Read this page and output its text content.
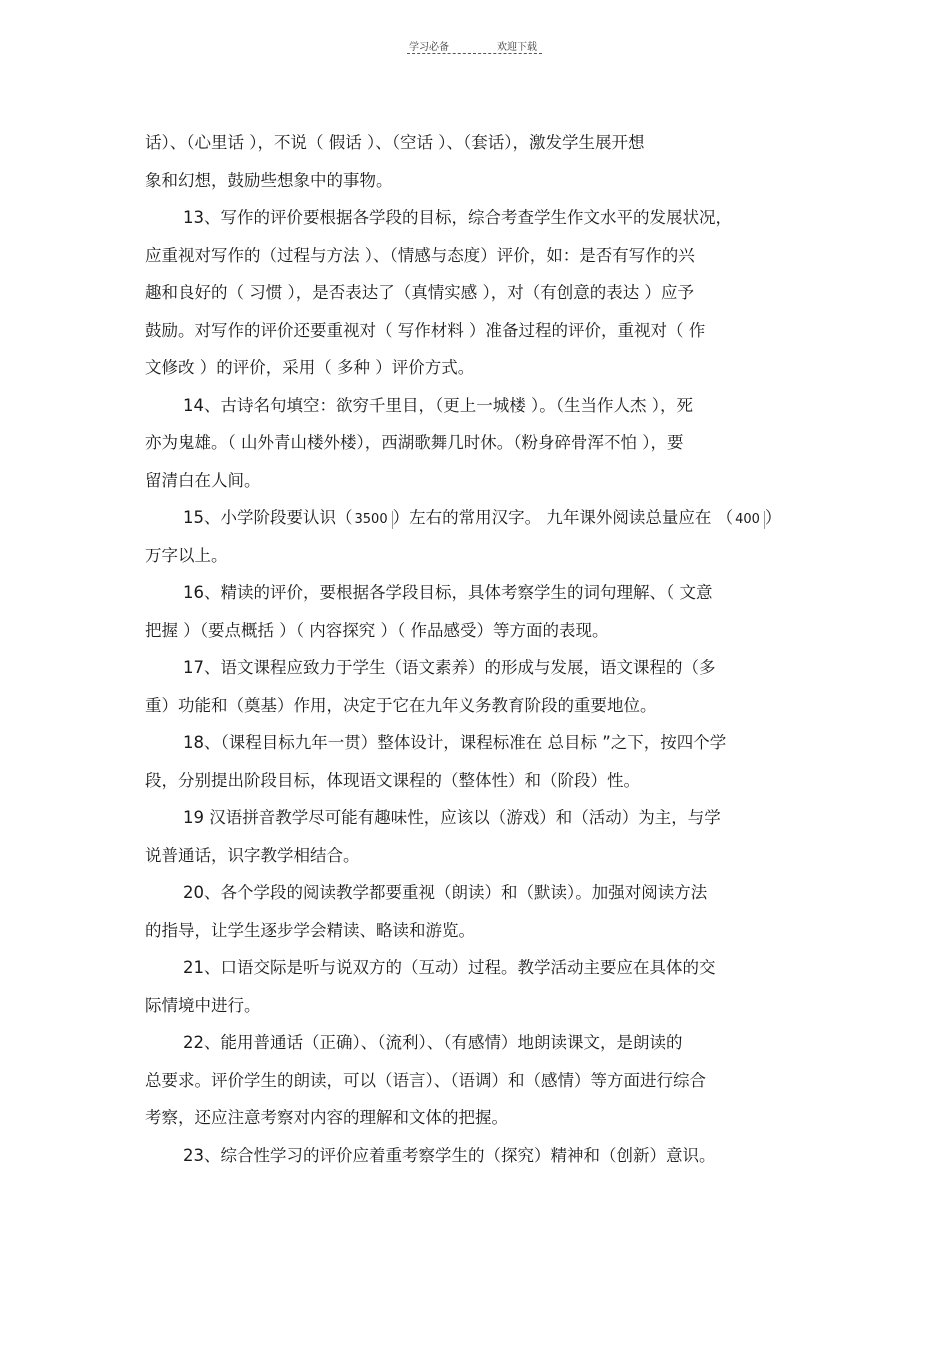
学习必备	欢迎下载
话）、（心里话 ），不说（ 假话 ）、（空话 ）、（套话），激发学生展开想
象和幻想，鼓励些想象中的事物。
13、写作的评价要根据各学段的目标，综合考查学生作文水平的发展状况，
应重视对写作的（过程与方法 ）、（情感与态度）评价，如：是否有写作的兴
趣和良好的（ 习惯 ），是否表达了（真情实感 ），对（有创意的表达 ）应予
鼓励。对写作的评价还要重视对（ 写作材料 ）准备过程的评价，重视对（ 作
文修改 ）的评价，采用（ 多种 ）评价方式。
14、古诗名句填空：欲穷千里目，（更上一城楼 ）。（生当作人杰 ），死
亦为鬼雄。（ 山外青山楼外楼），西湖歌舞几时休。（粉身碎骨浑不怕 ），要
留清白在人间。
15、小学阶段要认识（ 3500 ）左右的常用汉字。 九年课外阅读总量应在 （ 400 ）
万字以上。
16、精读的评价，要根据各学段目标，具体考察学生的词句理解、（ 文意
把握 ）（要点概括 ）（ 内容探究 ）（ 作品感受）等方面的表现。
17、语文课程应致力于学生（语文素养）的形成与发展，语文课程的（多
重）功能和（奠基）作用，决定于它在九年义务教育阶段的重要地位。
18、（课程目标九年一贯）整体设计，课程标准在 总目标 ”之下，按四个学
段，分别提出阶段目标，体现语文课程的（整体性）和（阶段）性。
19 汉语拼音教学尽可能有趣味性，应该以（游戏）和（活动）为主，与学
说普通话，识字教学相结合。
20、各个学段的阅读教学都要重视（朗读）和（默读）。加强对阅读方法
的指导，让学生逐步学会精读、略读和游览。
21、口语交际是听与说双方的（互动）过程。教学活动主要应在具体的交
际情境中进行。
22、能用普通话（正确）、（流利）、（有感情）地朗读课文，是朗读的
总要求。评价学生的朗读，可以（语言）、（语调）和（感情）等方面进行综合
考察，还应注意考察对内容的理解和文体的把握。
23、综合性学习的评价应着重考察学生的（探究）精神和（创新）意识。
